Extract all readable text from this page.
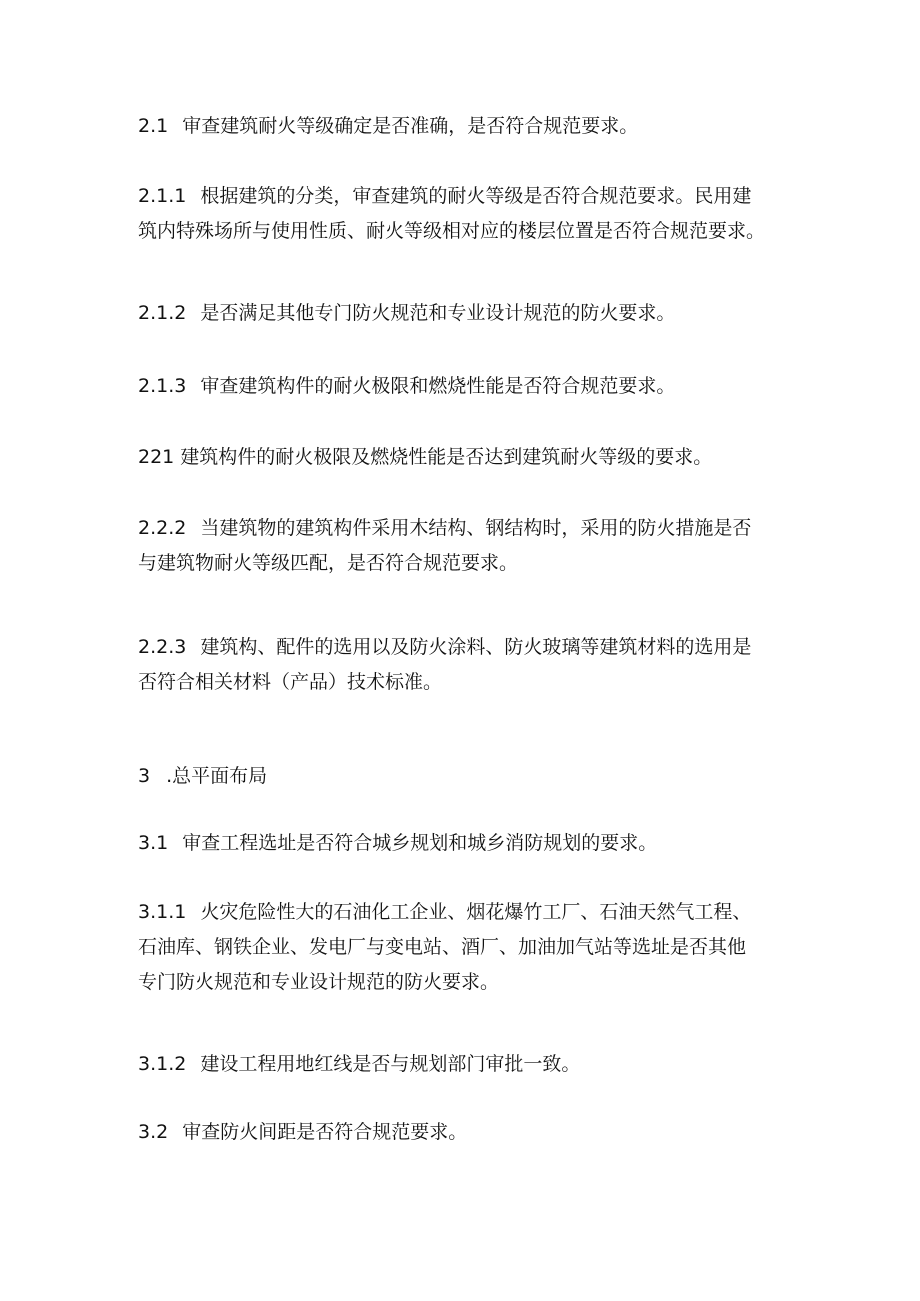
2.1 审查建筑耐火等级确定是否准确，是否符合规范要求。

2.1.1 根据建筑的分类，审查建筑的耐火等级是否符合规范要求。民用建
筑内特殊场所与使用性质、耐火等级相对应的楼层位置是否符合规范要求。

2.1.2 是否满足其他专门防火规范和专业设计规范的防火要求。

2.1.3 审查建筑构件的耐火极限和燃烧性能是否符合规范要求。

221 建筑构件的耐火极限及燃烧性能是否达到建筑耐火等级的要求。

2.2.2 当建筑物的建筑构件采用木结构、钢结构时，采用的防火措施是否
与建筑物耐火等级匹配，是否符合规范要求。

2.2.3 建筑构、配件的选用以及防火涂料、防火玻璃等建筑材料的选用是
否符合相关材料（产品）技术标准。

3 .总平面布局

3.1 审查工程选址是否符合城乡规划和城乡消防规划的要求。

3.1.1 火灾危险性大的石油化工企业、烟花爆竹工厂、石油天然气工程、
石油库、钢铁企业、发电厂与变电站、酒厂、加油加气站等选址是否其他
专门防火规范和专业设计规范的防火要求。

3.1.2 建设工程用地红线是否与规划部门审批一致。

3.2 审查防火间距是否符合规范要求。
